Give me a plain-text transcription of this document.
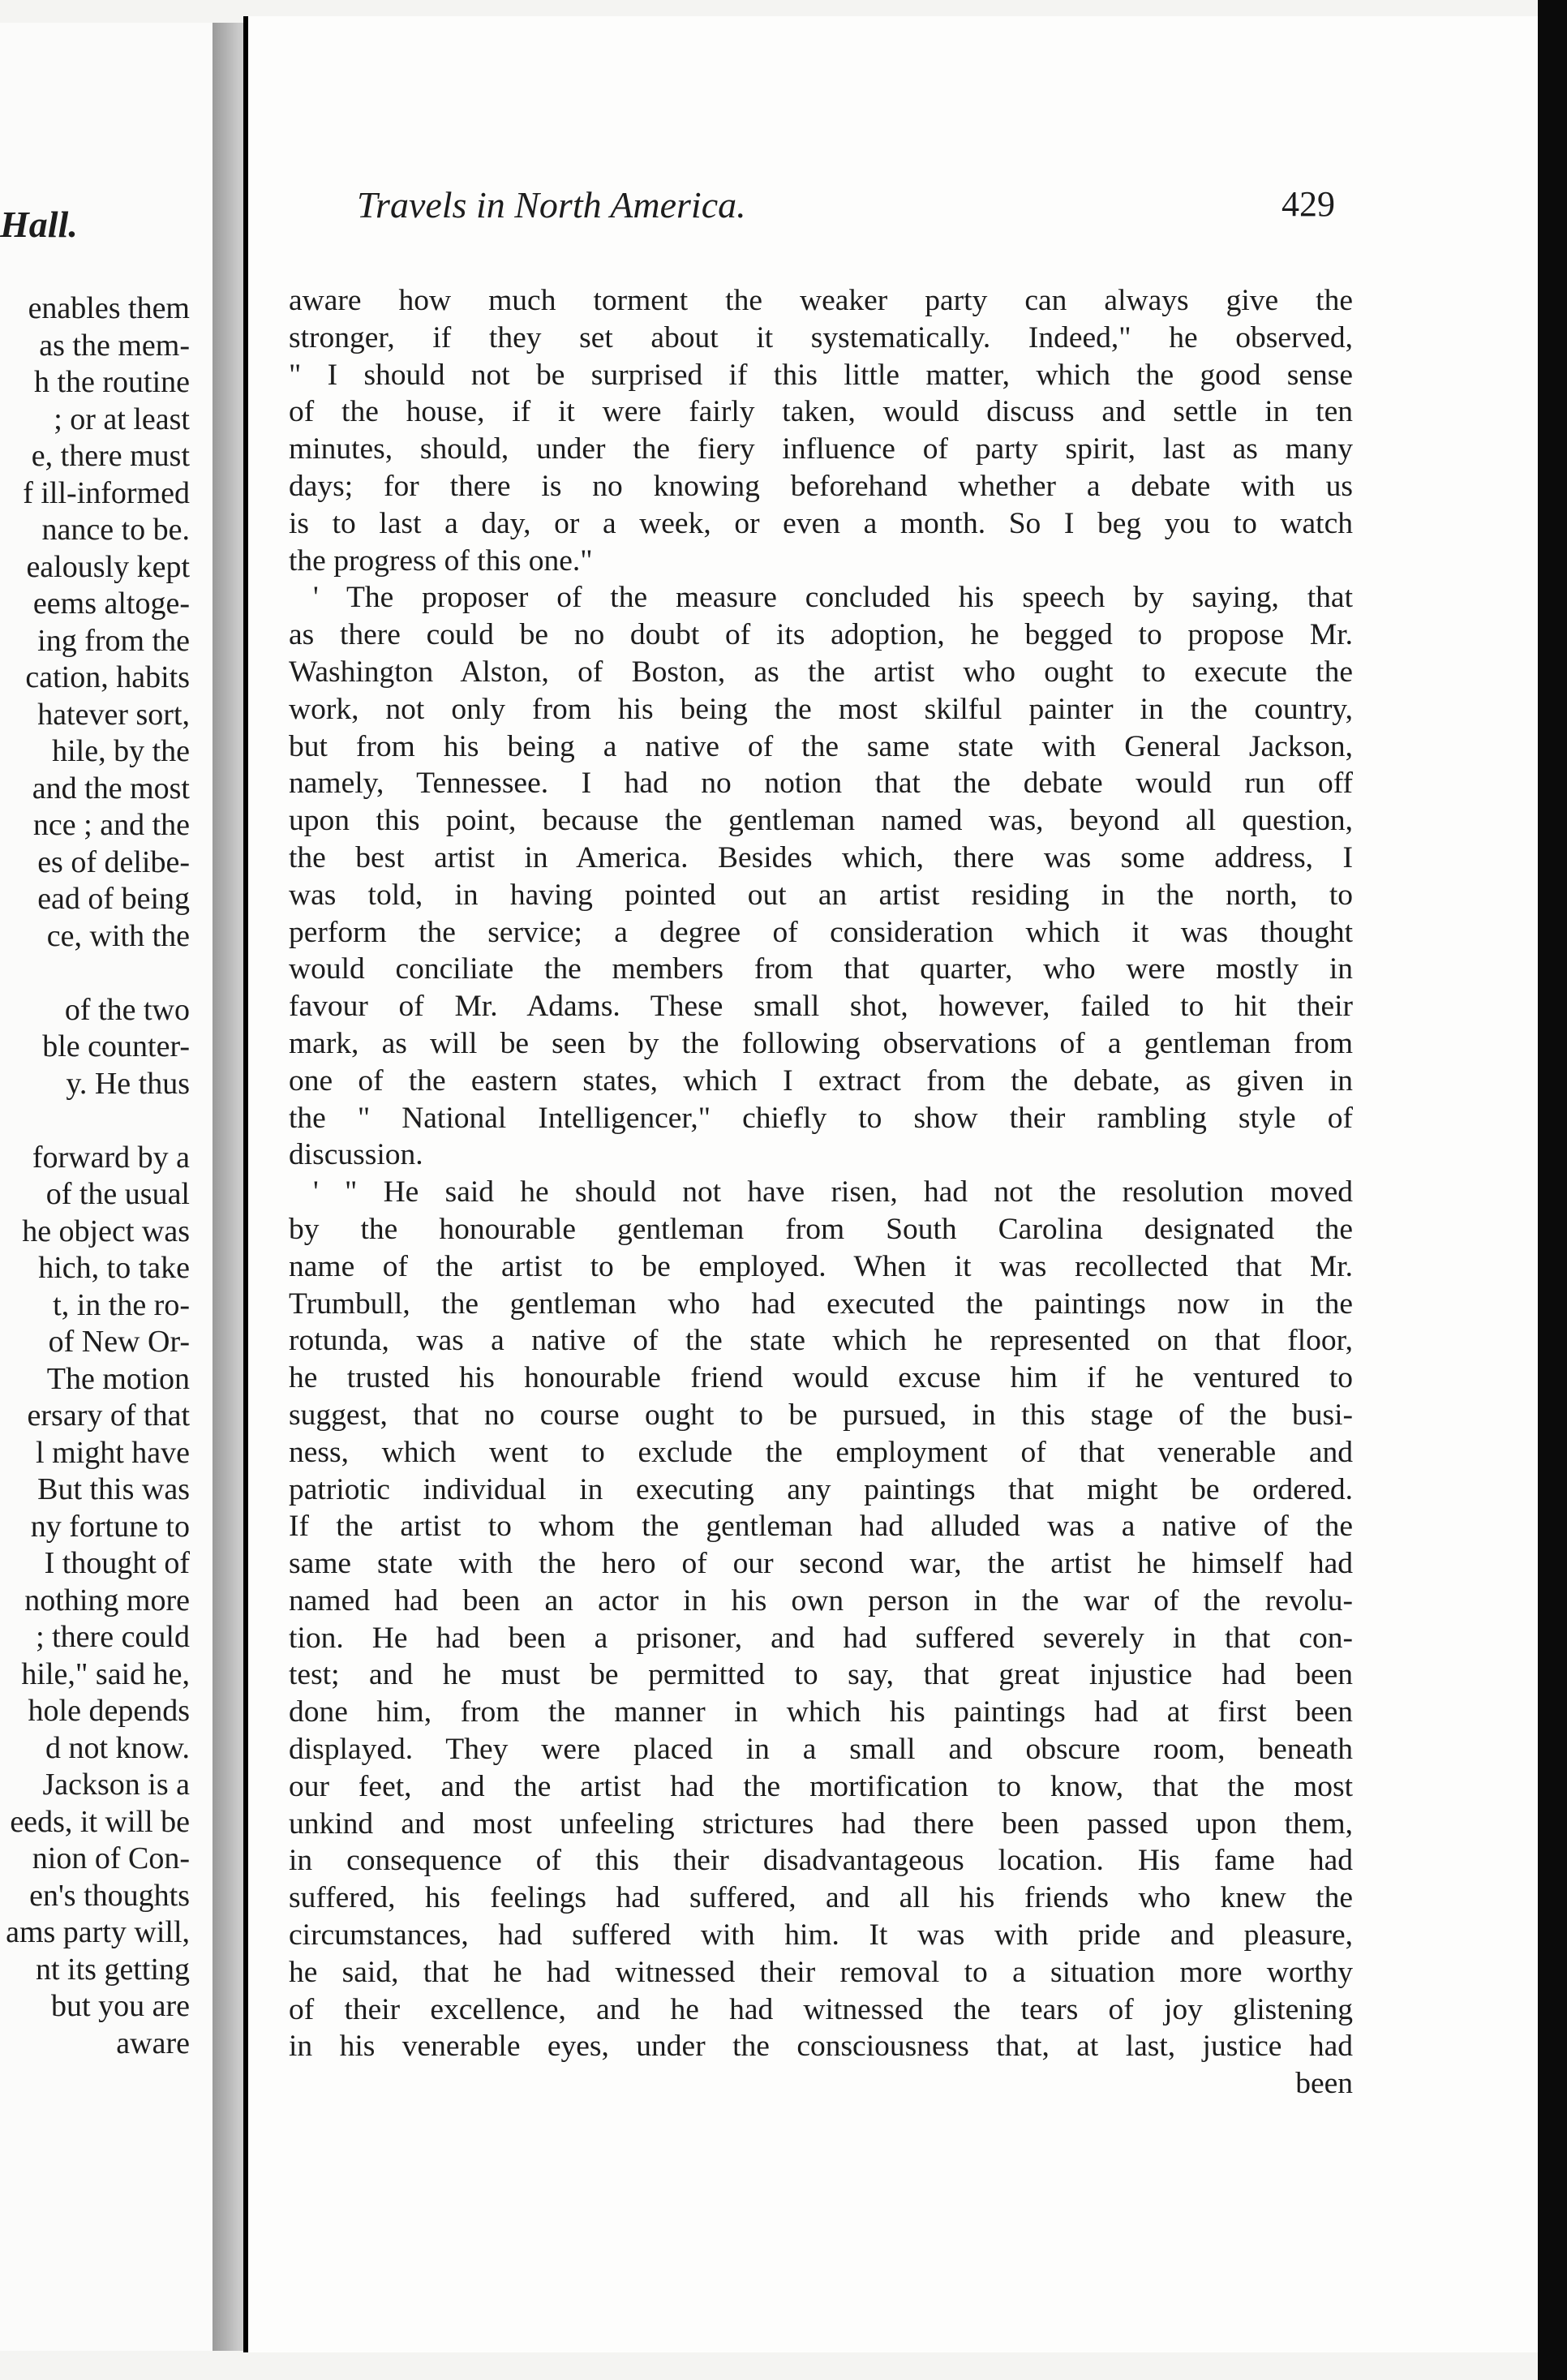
Hall.
enables them
as the mem-
h the routine
; or at least
e, there must
f ill-informed
nance to be.
ealously kept
eems altoge-
ing from the
cation, habits
hatever sort,
hile, by the
and the most
nce ; and the
es of delibe-
ead of being
ce, with the
of the two
ble counter-
y. He thus
forward by a
of the usual
he object was
hich, to take
t, in the ro-
of New Or-
The motion
ersary of that
l might have
But this was
ny fortune to
I thought of
nothing more
; there could
hile," said he,
hole depends
d not know.
Jackson is a
eeds, it will be
nion of Con-
en's thoughts
ams party will,
nt its getting
but you are
aware
Travels in North America.	429
aware how much torment the weaker party can always give the
stronger, if they set about it systematically. Indeed," he observed,
" I should not be surprised if this little matter, which the good sense
of the house, if it were fairly taken, would discuss and settle in ten
minutes, should, under the fiery influence of party spirit, last as many
days; for there is no knowing beforehand whether a debate with us
is to last a day, or a week, or even a month. So I beg you to watch
the progress of this one."
' The proposer of the measure concluded his speech by saying, that
as there could be no doubt of its adoption, he begged to propose Mr.
Washington Alston, of Boston, as the artist who ought to execute the
work, not only from his being the most skilful painter in the country,
but from his being a native of the same state with General Jackson,
namely, Tennessee. I had no notion that the debate would run off
upon this point, because the gentleman named was, beyond all question,
the best artist in America. Besides which, there was some address, I
was told, in having pointed out an artist residing in the north, to
perform the service; a degree of consideration which it was thought
would conciliate the members from that quarter, who were mostly in
favour of Mr. Adams. These small shot, however, failed to hit their
mark, as will be seen by the following observations of a gentleman from
one of the eastern states, which I extract from the debate, as given in
the " National Intelligencer," chiefly to show their rambling style of
discussion.
' " He said he should not have risen, had not the resolution moved
by the honourable gentleman from South Carolina designated the
name of the artist to be employed. When it was recollected that Mr.
Trumbull, the gentleman who had executed the paintings now in the
rotunda, was a native of the state which he represented on that floor,
he trusted his honourable friend would excuse him if he ventured to
suggest, that no course ought to be pursued, in this stage of the busi-
ness, which went to exclude the employment of that venerable and
patriotic individual in executing any paintings that might be ordered.
If the artist to whom the gentleman had alluded was a native of the
same state with the hero of our second war, the artist he himself had
named had been an actor in his own person in the war of the revolu-
tion. He had been a prisoner, and had suffered severely in that con-
test; and he must be permitted to say, that great injustice had been
done him, from the manner in which his paintings had at first been
displayed. They were placed in a small and obscure room, beneath
our feet, and the artist had the mortification to know, that the most
unkind and most unfeeling strictures had there been passed upon them,
in consequence of this their disadvantageous location. His fame had
suffered, his feelings had suffered, and all his friends who knew the
circumstances, had suffered with him. It was with pride and pleasure,
he said, that he had witnessed their removal to a situation more worthy
of their excellence, and he had witnessed the tears of joy glistening
in his venerable eyes, under the consciousness that, at last, justice had
been
